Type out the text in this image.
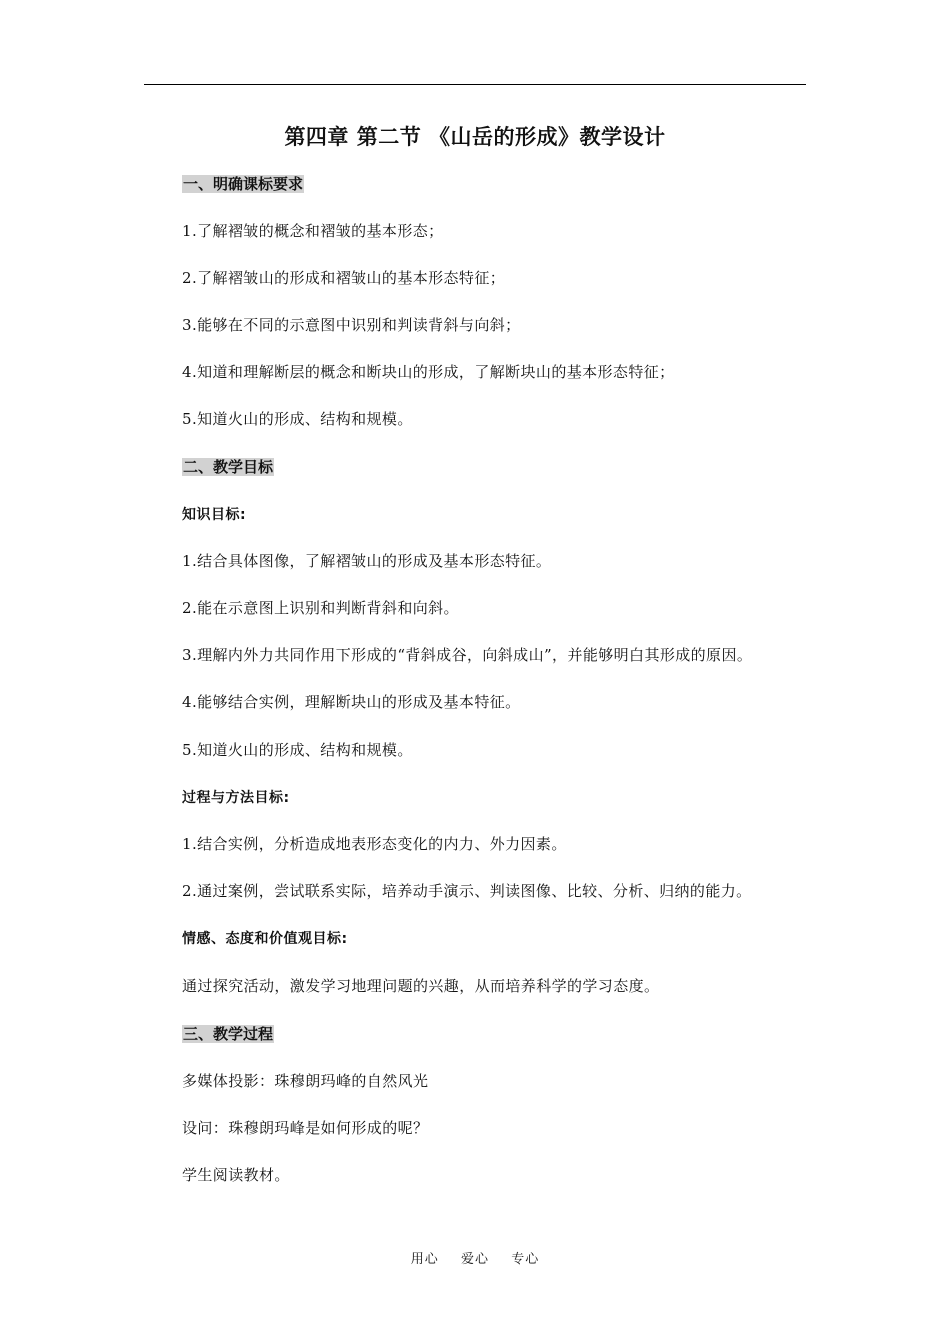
第四章 第二节 《山岳的形成》教学设计
一、明确课标要求
1.了解褶皱的概念和褶皱的基本形态；
2.了解褶皱山的形成和褶皱山的基本形态特征；
3.能够在不同的示意图中识别和判读背斜与向斜；
4.知道和理解断层的概念和断块山的形成，了解断块山的基本形态特征；
5.知道火山的形成、结构和规模。
二、教学目标
知识目标:
1.结合具体图像，了解褶皱山的形成及基本形态特征。
2.能在示意图上识别和判断背斜和向斜。
3.理解内外力共同作用下形成的“背斜成谷，向斜成山”，并能够明白其形成的原因。
4.能够结合实例，理解断块山的形成及基本特征。
5.知道火山的形成、结构和规模。
过程与方法目标:
1.结合实例，分析造成地表形态变化的内力、外力因素。
2.通过案例，尝试联系实际，培养动手演示、判读图像、比较、分析、归纳的能力。
情感、态度和价值观目标:
通过探究活动，激发学习地理问题的兴趣，从而培养科学的学习态度。
三、教学过程
多媒体投影：珠穆朗玛峰的自然风光
设问：珠穆朗玛峰是如何形成的呢？
学生阅读教材。
用心  爱心  专心
